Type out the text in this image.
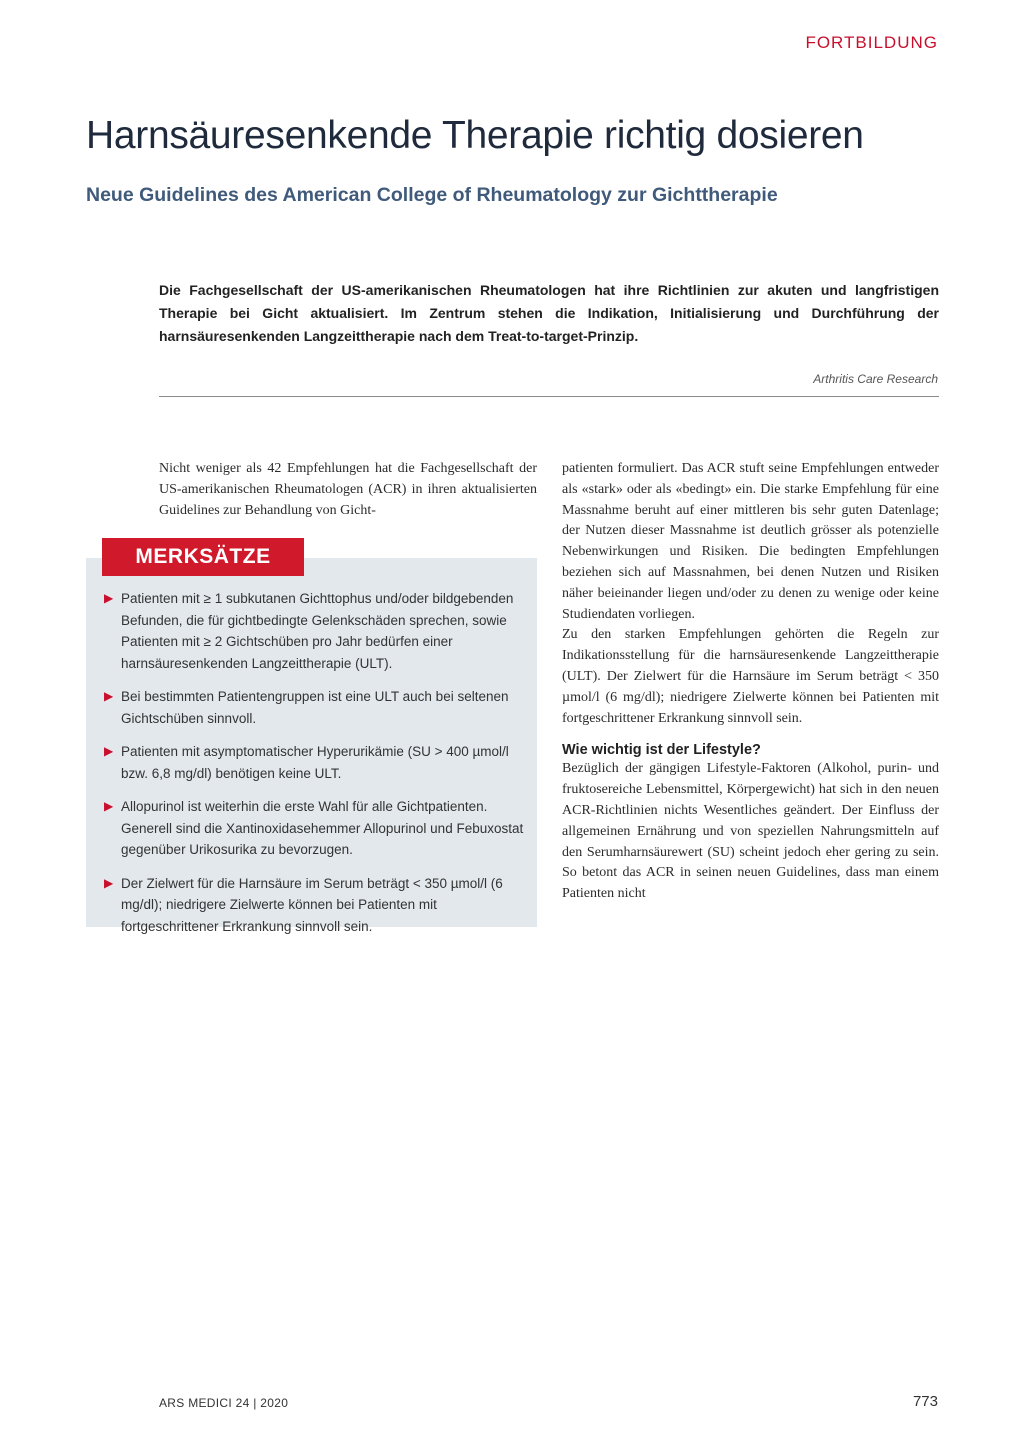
FORTBILDUNG
Harnsäuresenkende Therapie richtig dosieren
Neue Guidelines des American College of Rheumatology zur Gichttherapie

Die Fachgesellschaft der US-amerikanischen Rheumatologen hat ihre Richtlinien zur akuten und langfristigen Therapie bei Gicht aktualisiert. Im Zentrum stehen die Indikation, Initialisierung und Durchführung der harnsäuresenkenden Langzeittherapie nach dem Treat-to-target-Prinzip.

Arthritis Care Research

Nicht weniger als 42 Empfehlungen hat die Fachgesellschaft der US-amerikanischen Rheumatologen (ACR) in ihren aktualisierten Guidelines zur Behandlung von Gicht-

▶ Patienten mit ≥ 1 subkutanen Gichttophus und/oder bildgebenden Befunden, die für gichtbedingte Gelenkschäden sprechen, sowie Patienten mit ≥ 2 Gichtschüben pro Jahr bedürfen einer harnsäuresenkenden Langzeittherapie (ULT).
▶ Bei bestimmten Patientengruppen ist eine ULT auch bei seltenen Gichtschüben sinnvoll.
▶ Patienten mit asymptomatischer Hyperurikämie (SU > 400 µmol/l bzw. 6,8 mg/dl) benötigen keine ULT.
▶ Allopurinol ist weiterhin die erste Wahl für alle Gichtpatienten. Generell sind die Xantinoxidasehemmer Allopurinol und Febuxostat gegenüber Urikosurika zu bevorzugen.
▶ Der Zielwert für die Harnsäure im Serum beträgt < 350 µmol/l (6 mg/dl); niedrigere Zielwerte können bei Patienten mit fortgeschrittener Erkrankung sinnvoll sein.
MERKSÄTZE

patienten formuliert. Das ACR stuft seine Empfehlungen entweder als «stark» oder als «bedingt» ein. Die starke Empfehlung für eine Massnahme beruht auf einer mittleren bis sehr guten Datenlage; der Nutzen dieser Massnahme ist deutlich grösser als potenzielle Nebenwirkungen und Risiken. Die bedingten Empfehlungen beziehen sich auf Massnahmen, bei denen Nutzen und Risiken näher beieinander liegen und/oder zu denen zu wenige oder keine Studiendaten vorliegen.

Zu den starken Empfehlungen gehörten die Regeln zur Indikationsstellung für die harnsäuresenkende Langzeittherapie (ULT). Der Zielwert für die Harnsäure im Serum beträgt < 350 µmol/l (6 mg/dl); niedrigere Zielwerte können bei Patienten mit fortgeschrittener Erkrankung sinnvoll sein.

Wie wichtig ist der Lifestyle?

Bezüglich der gängigen Lifestyle-Faktoren (Alkohol, purin- und fruktosereiche Lebensmittel, Körpergewicht) hat sich in den neuen ACR-Richtlinien nichts Wesentliches geändert. Der Einfluss der allgemeinen Ernährung und von speziellen Nahrungsmitteln auf den Serumharnsäurewert (SU) scheint jedoch eher gering zu sein. So betont das ACR in seinen neuen Guidelines, dass man einem Patienten nicht

ARS MEDICI 24 | 2020	773
